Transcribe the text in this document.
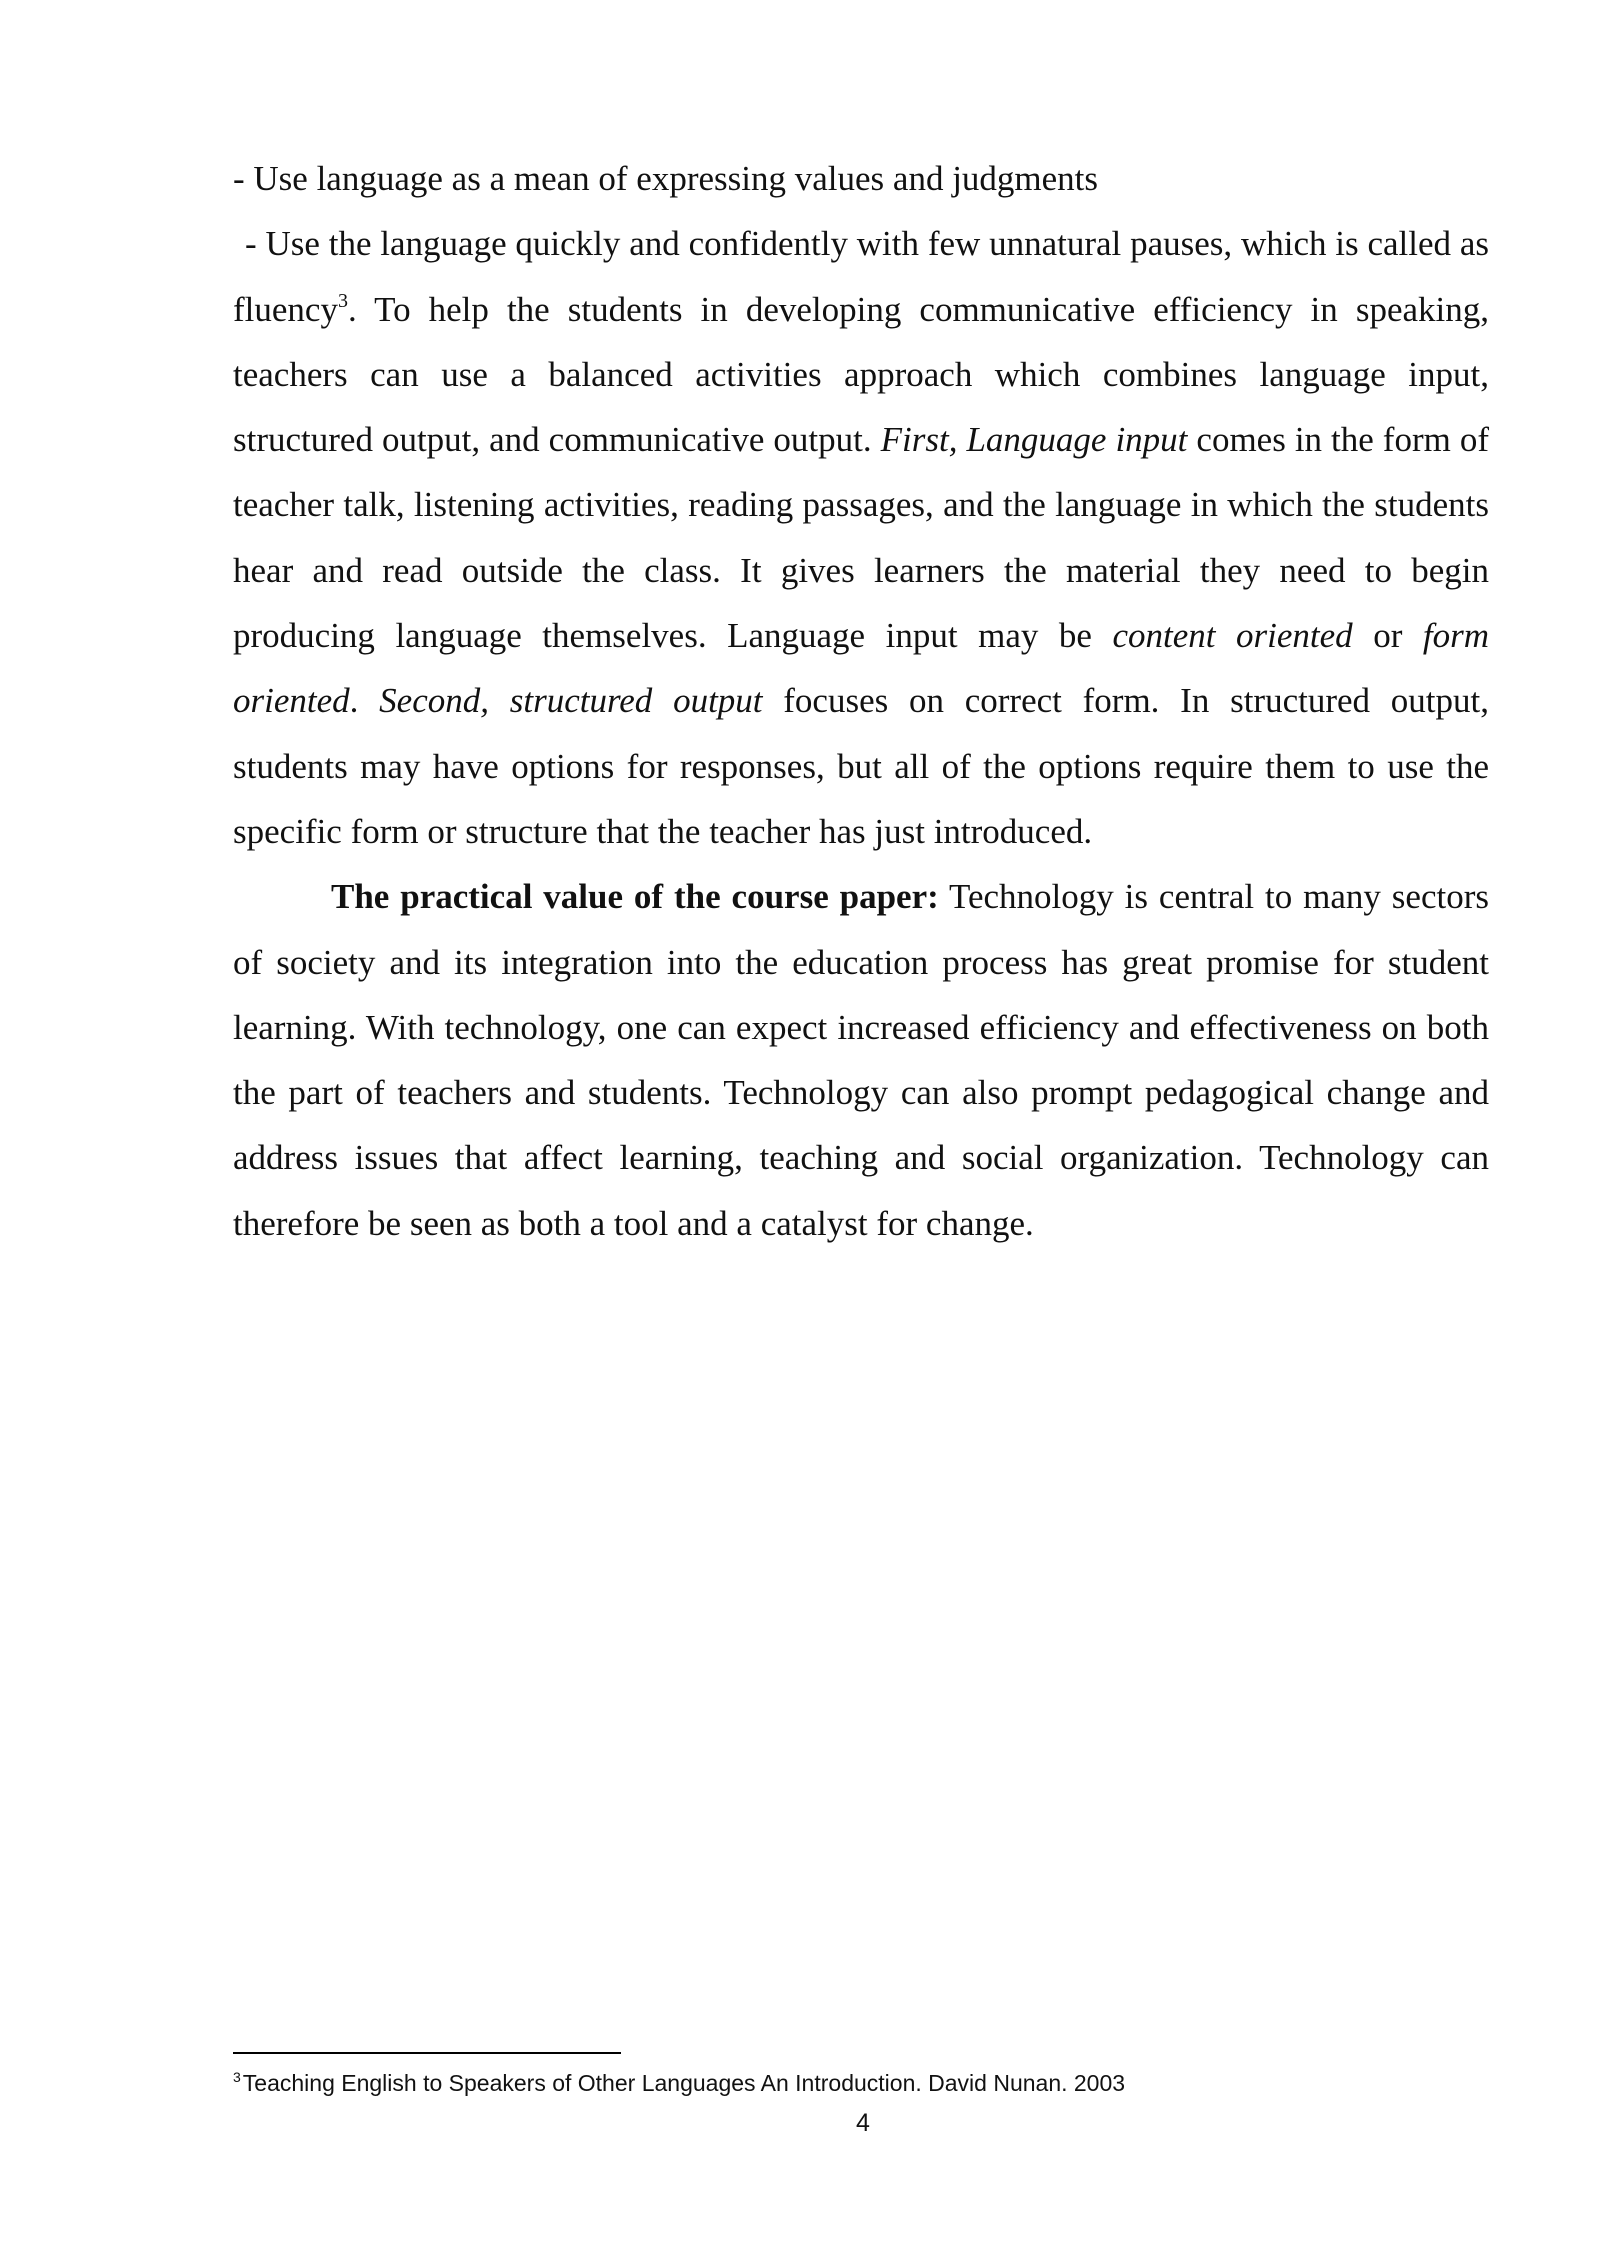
- Use language as a mean of expressing values and judgments

- Use the language quickly and confidently with few unnatural pauses, which is called as fluency$^3$. To help the students in developing communicative efficiency in speaking, teachers can use a balanced activities approach which combines language input, structured output, and communicative output. First, Language input comes in the form of teacher talk, listening activities, reading passages, and the language in which the students hear and read outside the class. It gives learners the material they need to begin producing language themselves. Language input may be content oriented or form oriented. Second, structured output focuses on correct form. In structured output, students may have options for responses, but all of the options require them to use the specific form or structure that the teacher has just introduced.

The practical value of the course paper: Technology is central to many sectors of society and its integration into the education process has great promise for student learning. With technology, one can expect increased efficiency and effectiveness on both the part of teachers and students. Technology can also prompt pedagogical change and address issues that affect learning, teaching and social organization. Technology can therefore be seen as both a tool and a catalyst for change.

$^3$Teaching English to Speakers of Other Languages An Introduction. David Nunan. 2003
4
